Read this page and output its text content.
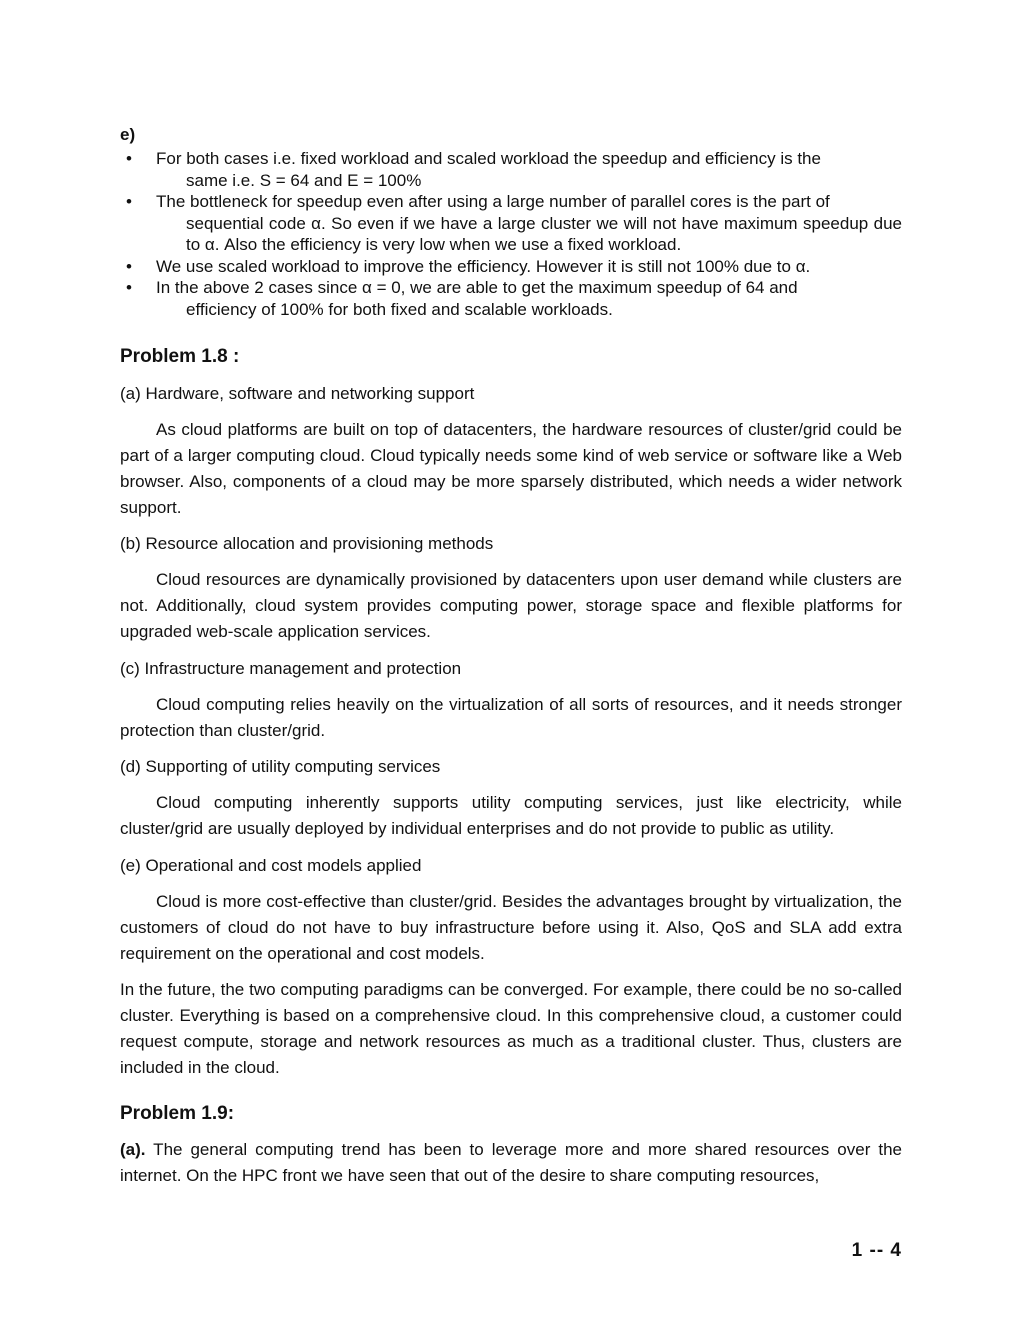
e)
• For both cases i.e. fixed workload and scaled workload the speedup and efficiency is the
same i.e. S = 64 and E = 100%
• The bottleneck for speedup even after using a large number of parallel cores is the part of
sequential code α. So even if we have a large cluster we will not have maximum speedup due to α. Also the efficiency is very low when we use a fixed workload.
• We use scaled workload to improve the efficiency. However it is still not 100% due to α.
• In the above 2 cases since α = 0, we are able to get the maximum speedup of 64 and
efficiency of 100% for both fixed and scalable workloads.
Problem 1.8 :
(a) Hardware, software and networking support
As cloud platforms are built on top of datacenters, the hardware resources of cluster/grid could be part of a larger computing cloud. Cloud typically needs some kind of web service or software like a Web browser. Also, components of a cloud may be more sparsely distributed, which needs a wider network support.
(b) Resource allocation and provisioning methods
Cloud resources are dynamically provisioned by datacenters upon user demand while clusters are not. Additionally, cloud system provides computing power, storage space and flexible platforms for upgraded web-scale application services.
(c) Infrastructure management and protection
Cloud computing relies heavily on the virtualization of all sorts of resources, and it needs stronger protection than cluster/grid.
(d) Supporting of utility computing services
Cloud computing inherently supports utility computing services, just like electricity, while cluster/grid are usually deployed by individual enterprises and do not provide to public as utility.
(e) Operational and cost models applied
Cloud is more cost-effective than cluster/grid. Besides the advantages brought by virtualization, the customers of cloud do not have to buy infrastructure before using it. Also, QoS and SLA add extra requirement on the operational and cost models.
In the future, the two computing paradigms can be converged. For example, there could be no so-called cluster. Everything is based on a comprehensive cloud. In this comprehensive cloud, a customer could request compute, storage and network resources as much as a traditional cluster. Thus, clusters are included in the cloud.
Problem 1.9:
(a). The general computing trend has been to leverage more and more shared resources over the internet. On the HPC front we have seen that out of the desire to share computing resources,
1 -- 4
